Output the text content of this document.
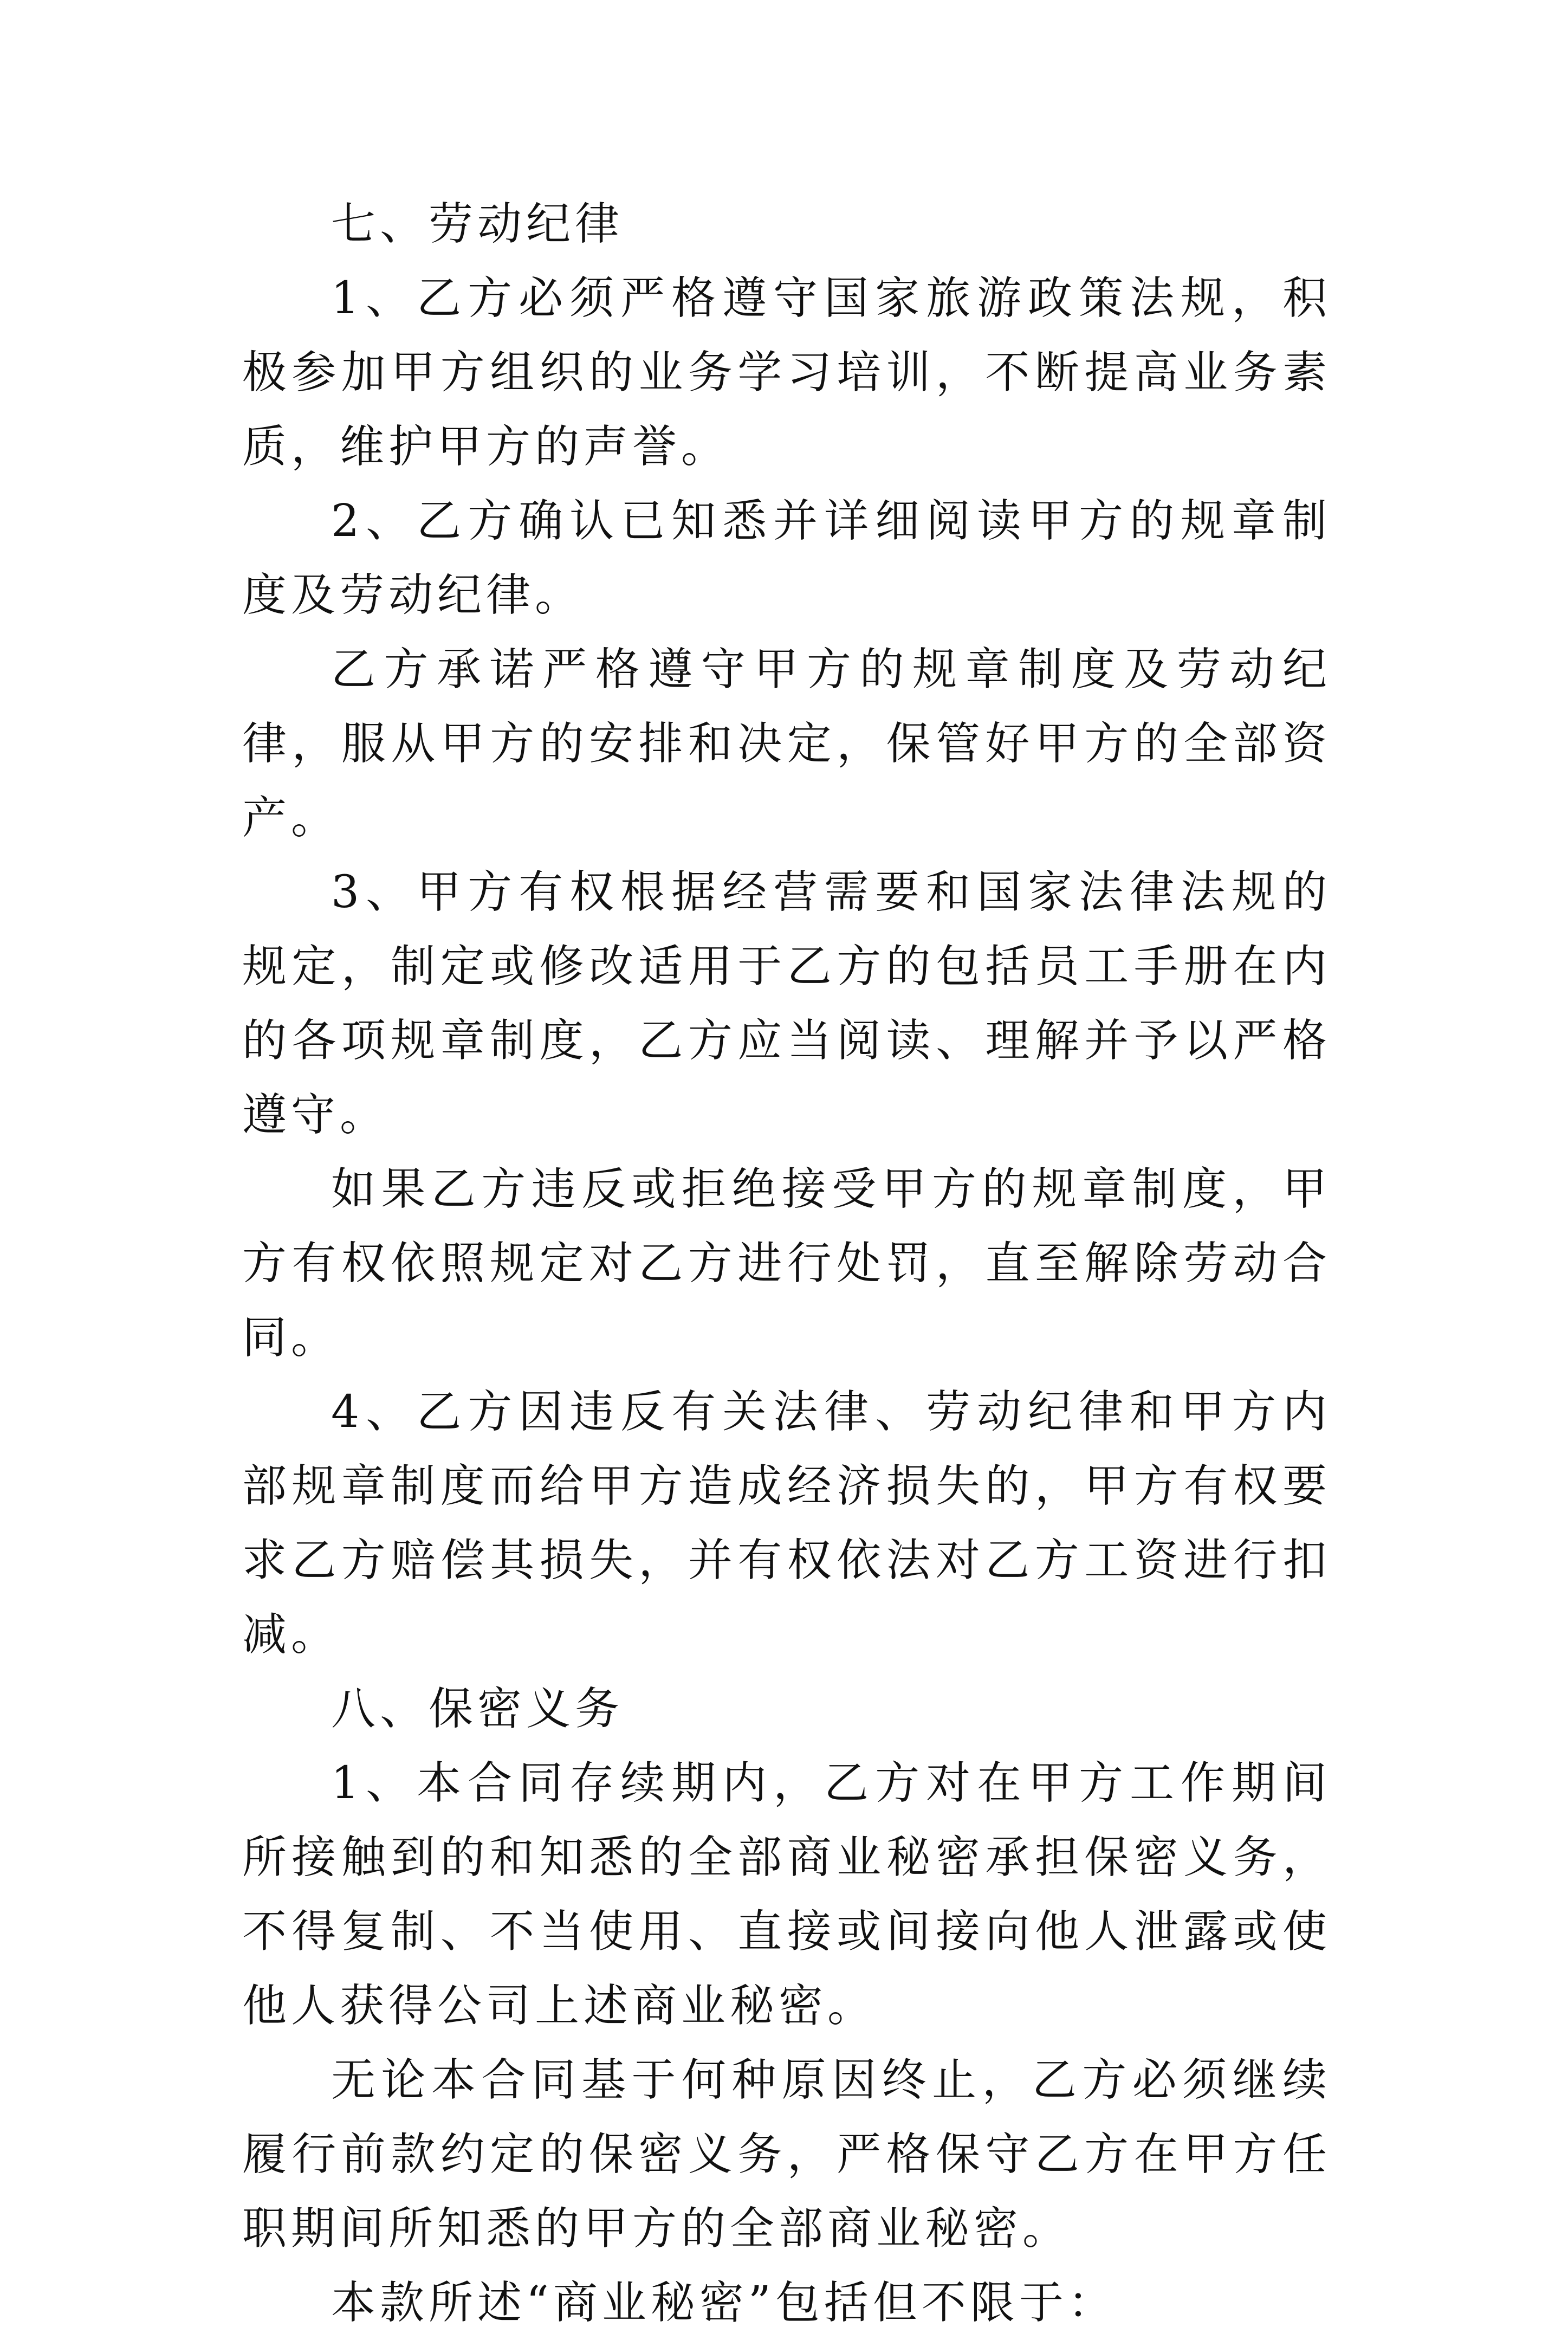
七、劳动纪律

1、乙方必须严格遵守国家旅游政策法规，积极参加甲方组织的业务学习培训，不断提高业务素质，维护甲方的声誉。

2、乙方确认已知悉并详细阅读甲方的规章制度及劳动纪律。

乙方承诺严格遵守甲方的规章制度及劳动纪律，服从甲方的安排和决定，保管好甲方的全部资产。

3、甲方有权根据经营需要和国家法律法规的规定，制定或修改适用于乙方的包括员工手册在内的各项规章制度，乙方应当阅读、理解并予以严格遵守。

如果乙方违反或拒绝接受甲方的规章制度，甲方有权依照规定对乙方进行处罚，直至解除劳动合同。

4、乙方因违反有关法律、劳动纪律和甲方内部规章制度而给甲方造成经济损失的，甲方有权要求乙方赔偿其损失，并有权依法对乙方工资进行扣减。

八、保密义务

1、本合同存续期内，乙方对在甲方工作期间所接触到的和知悉的全部商业秘密承担保密义务，不得复制、不当使用、直接或间接向他人泄露或使他人获得公司上述商业秘密。

无论本合同基于何种原因终止，乙方必须继续履行前款约定的保密义务，严格保守乙方在甲方任职期间所知悉的甲方的全部商业秘密。

本款所述“商业秘密”包括但不限于：
